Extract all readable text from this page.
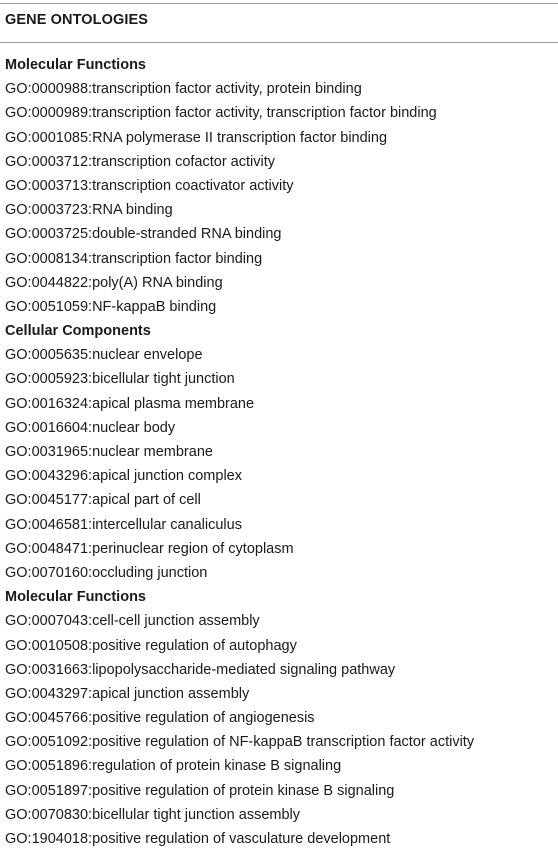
GENE ONTOLOGIES
Molecular Functions
GO:0000988:transcription factor activity, protein binding
GO:0000989:transcription factor activity, transcription factor binding
GO:0001085:RNA polymerase II transcription factor binding
GO:0003712:transcription cofactor activity
GO:0003713:transcription coactivator activity
GO:0003723:RNA binding
GO:0003725:double-stranded RNA binding
GO:0008134:transcription factor binding
GO:0044822:poly(A) RNA binding
GO:0051059:NF-kappaB binding
Cellular Components
GO:0005635:nuclear envelope
GO:0005923:bicellular tight junction
GO:0016324:apical plasma membrane
GO:0016604:nuclear body
GO:0031965:nuclear membrane
GO:0043296:apical junction complex
GO:0045177:apical part of cell
GO:0046581:intercellular canaliculus
GO:0048471:perinuclear region of cytoplasm
GO:0070160:occluding junction
Molecular Functions
GO:0007043:cell-cell junction assembly
GO:0010508:positive regulation of autophagy
GO:0031663:lipopolysaccharide-mediated signaling pathway
GO:0043297:apical junction assembly
GO:0045766:positive regulation of angiogenesis
GO:0051092:positive regulation of NF-kappaB transcription factor activity
GO:0051896:regulation of protein kinase B signaling
GO:0051897:positive regulation of protein kinase B signaling
GO:0070830:bicellular tight junction assembly
GO:1904018:positive regulation of vasculature development
